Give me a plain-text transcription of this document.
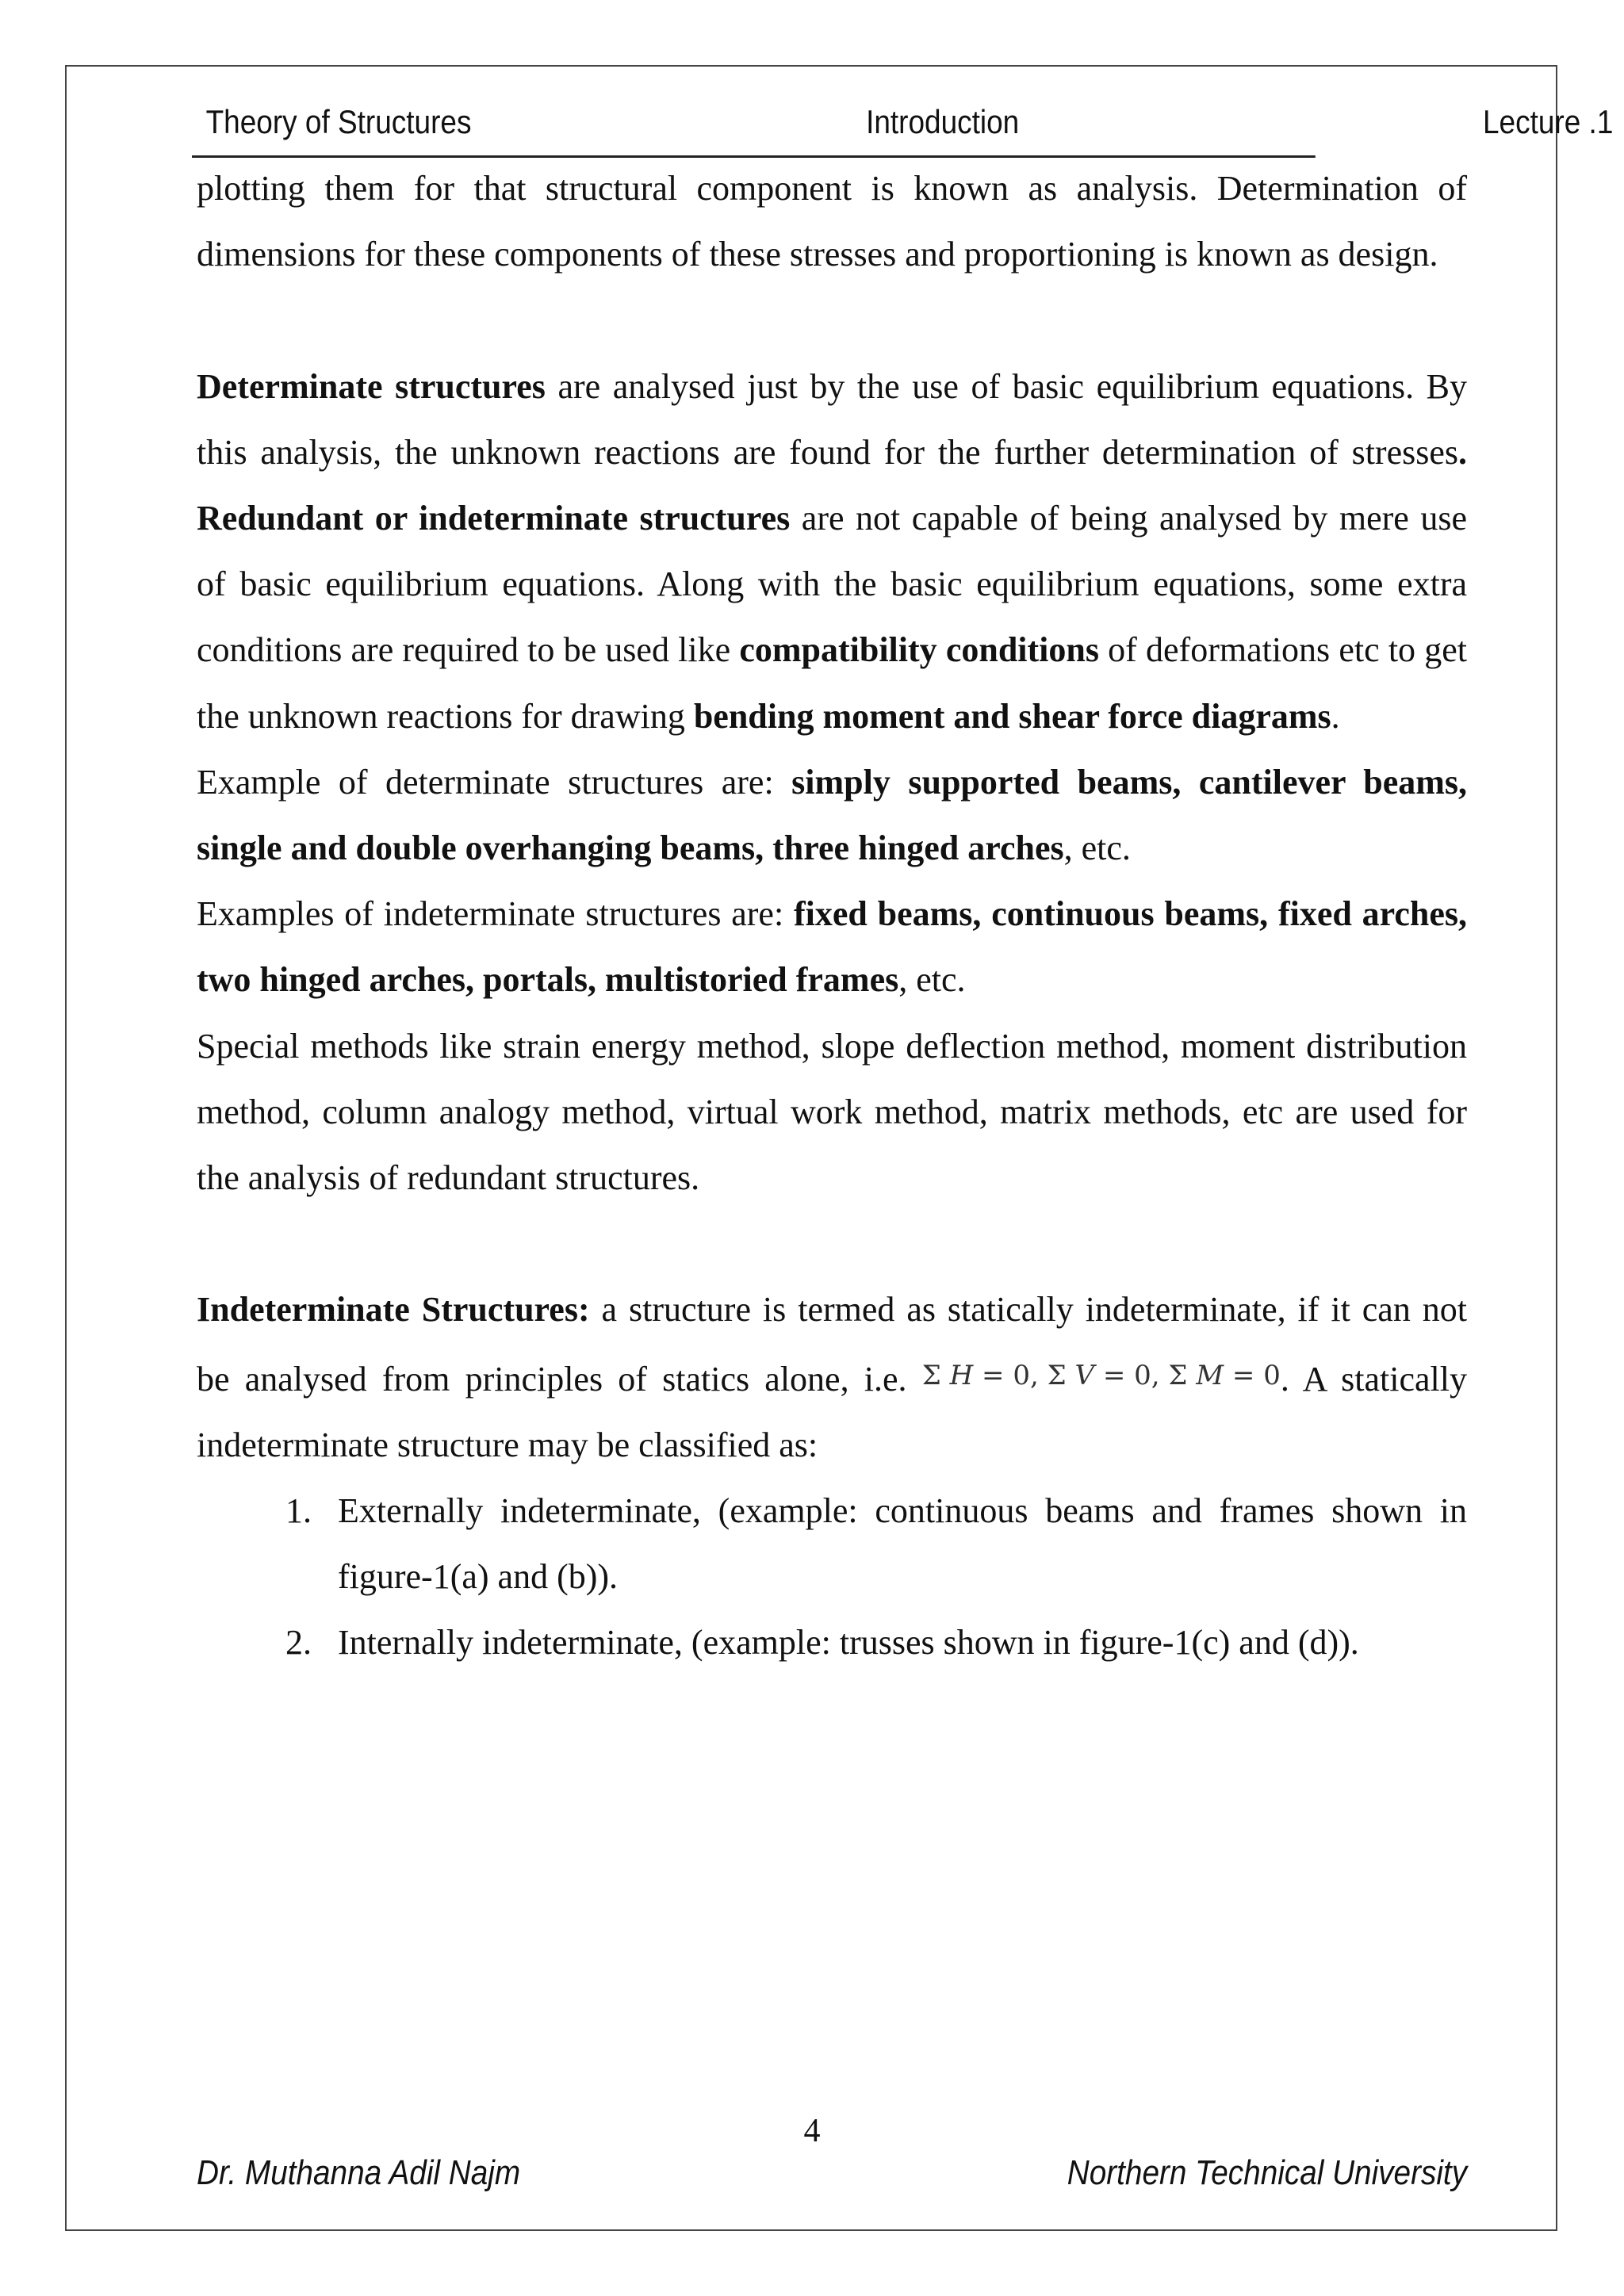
Theory of Structures	Introduction	Lecture .1

plotting them for that structural component is known as analysis. Determination of dimensions for these components of these stresses and proportioning is known as design.

Determinate structures are analysed just by the use of basic equilibrium equations. By this analysis, the unknown reactions are found for the further determination of stresses. Redundant or indeterminate structures are not capable of being analysed by mere use of basic equilibrium equations. Along with the basic equilibrium equations, some extra conditions are required to be used like compatibility conditions of deformations etc to get the unknown reactions for drawing bending moment and shear force diagrams.

Example of determinate structures are: simply supported beams, cantilever beams, single and double overhanging beams, three hinged arches, etc.

Examples of indeterminate structures are: fixed beams, continuous beams, fixed arches, two hinged arches, portals, multistoried frames, etc.

Special methods like strain energy method, slope deflection method, moment distribution method, column analogy method, virtual work method, matrix methods, etc are used for the analysis of redundant structures.

Indeterminate Structures: a structure is termed as statically indeterminate, if it can not be analysed from principles of statics alone, i.e. Σ H = 0, Σ V = 0, Σ M = 0. A statically indeterminate structure may be classified as:

1. Externally indeterminate, (example: continuous beams and frames shown in figure-1(a) and (b)).
2. Internally indeterminate, (example: trusses shown in figure-1(c) and (d)).
4
Dr. Muthanna Adil Najm	Northern Technical University
